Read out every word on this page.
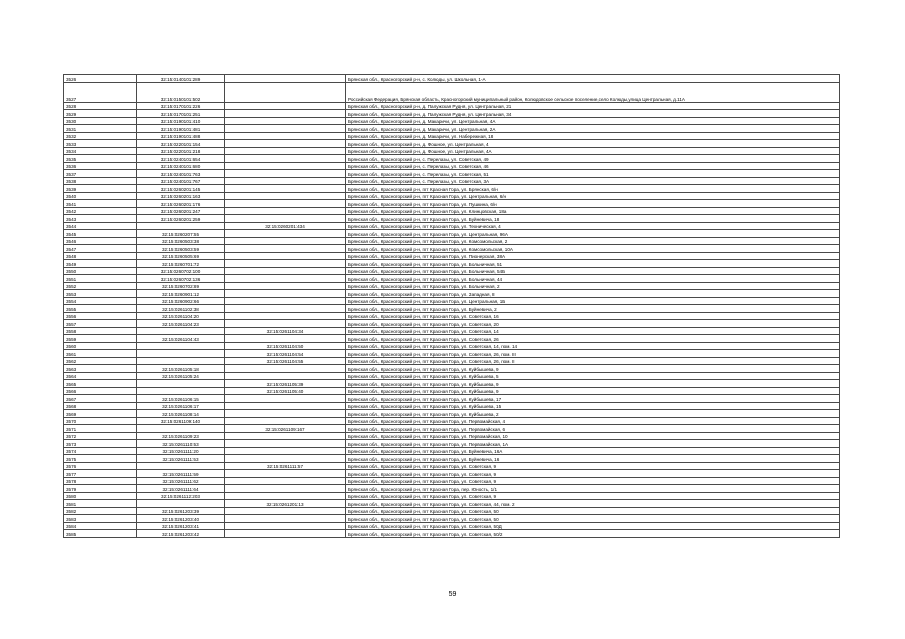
3526	32:15:0140101:289		Брянская обл., Красногорский р-н, с. Колюды, ул. Школьная, 1-А
3527	32:15:0150101:502		Российская Федерация, Брянская область, Красногорский муниципальный район, Колюдовское сельское поселение,село Колюды,улица Центральная, д.11А
3528	32:15:0170101:226		Брянская обл., Красногорский р-н, д. Палужская Рудня, ул. Центральная, 21
3529	32:15:0170101:251		Брянская обл., Красногорский р-н, д. Палужская Рудня, ул. Центральная, 34
3530	32:15:0190101:410		Брянская обл., Красногорский р-н, д. Макаричи, ул. Центральная, 4А
3531	32:15:0190101:481		Брянская обл., Красногорский р-н, д. Макаричи, ул. Центральная, 2А
3532	32:15:0190101:488		Брянская обл., Красногорский р-н, д. Макаричи, ул. Набережная, 18
3533	32:15:0220101:154		Брянская обл., Красногорский р-н, д. Фошное, ул. Центральная, 4
3534	32:15:0220101:218		Брянская обл., Красногорский р-н, д. Фошное, ул. Центральная, 4А
3535	32:15:0240101:654		Брянская обл., Красногорский р-н, с. Перелазы, ул. Советская, 49
3536	32:15:0240101:680		Брянская обл., Красногорский р-н, с. Перелазы, ул. Советская, 46
3537	32:15:0240101:763		Брянская обл., Красногорский р-н, с. Перелазы, ул. Советская, 51
3538	32:15:0240101:767		Брянская обл., Красногорский р-н, с. Перелазы, ул. Советская, 3А
3539	32:15:0260201:145		Брянская обл., Красногорский р-н, пгт Красная Гора, ул. Брянская, 6/н
3540	32:15:0260201:163		Брянская обл., Красногорский р-н, пгт Красная Гора, ул. Центральная, 6/н
3541	32:15:0260201:176		Брянская обл., Красногорский р-н, пгт Красная Гора, ул. Пушкина, 6/н
3542	32:15:0260201:247		Брянская обл., Красногорский р-н, пгт Красная Гора, ул. Клинцовская, 18а
3543	32:15:0260201:259		Брянская обл., Красногорский р-н, пгт Красная Гора, ул. Буйневича, 18
3544		32:15:0260201:434	Брянская обл., Красногорский р-н, пгт Красная Гора, ул. Техническая, 4
3545	32:15:0260207:55		Брянская обл., Красногорский р-н, пгт Красная Гора, ул. Центральная, 96А
3546	32:15:0260503:38		Брянская обл., Красногорский р-н, пгт Красная Гора, ул. Комсомольская, 2
3547	32:15:0260503:59		Брянская обл., Красногорский р-н, пгт Красная Гора, ул. Комсомольская, 10А
3548	32:15:0260505:69		Брянская обл., Красногорский р-н, пгт Красная Гора, ул. Пионерская, 38А
3549	32:15:0260701:72		Брянская обл., Красногорский р-н, пгт Красная Гора, ул. Больничная, 51
3550	32:15:0260702:100		Брянская обл., Красногорский р-н, пгт Красная Гора, ул. Больничная, 54Б
3551	32:15:0260702:136		Брянская обл., Красногорский р-н, пгт Красная Гора, ул. Больничная, 44
3552	32:15:0260702:89		Брянская обл., Красногорский р-н, пгт Красная Гора, ул. Больничная, 2
3553	32:15:0260901:12		Брянская обл., Красногорский р-н, пгт Красная Гора, ул. Западная, 8
3554	32:15:0260902:66		Брянская обл., Красногорский р-н, пгт Красная Гора, ул. Центральная, 1Б
3555	32:15:0261102:38		Брянская обл., Красногорский р-н, пгт Красная Гора, ул. Буйневича, 2
3556	32:15:0261104:20		Брянская обл., Красногорский р-н, пгт Красная Гора, ул. Советская, 16
3557	32:15:0261104:23		Брянская обл., Красногорский р-н, пгт Красная Гора, ул. Советская, 20
3558		32:15:0261104:34	Брянская обл., Красногорский р-н, пгт Красная Гора, ул. Советская, 14
3559	32:15:0261104:43		Брянская обл., Красногорский р-н, пгт Красная Гора, ул. Советская, 26
3560		32:15:0261104:50	Брянская обл., Красногорский р-н, пгт Красная Гора, ул. Советская, 14, пом. 14
3561		32:15:0261104:54	Брянская обл., Красногорский р-н, пгт Красная Гора, ул. Советская, 26, пом. III
3562		32:15:0261104:55	Брянская обл., Красногорский р-н, пгт Красная Гора, ул. Советская, 26, пом. II
3563	32:15:0261105:18		Брянская обл., Красногорский р-н, пгт Красная Гора, ул. Куйбышева, 9
3564	32:15:0261105:24		Брянская обл., Красногорский р-н, пгт Красная Гора, ул. Куйбышева, 5
3565		32:15:0261105:39	Брянская обл., Красногорский р-н, пгт Красная Гора, ул. Куйбышева, 9
3566		32:15:0261105:40	Брянская обл., Красногорский р-н, пгт Красная Гора, ул. Куйбышева, 9
3567	32:15:0261106:15		Брянская обл., Красногорский р-н, пгт Красная Гора, ул. Куйбышева, 17
3568	32:15:0261106:17		Брянская обл., Красногорский р-н, пгт Красная Гора, ул. Куйбышева, 15
3569	32:15:0261108:14		Брянская обл., Красногорский р-н, пгт Красная Гора, ул. Куйбышева, 2
3570	32:15:0261109:140		Брянская обл., Красногорский р-н, пгт Красная Гора, ул. Первомайская, 4
3571		32:15:0261109:167	Брянская обл., Красногорский р-н, пгт Красная Гора, ул. Первомайская, 6
3572	32:15:0261109:23		Брянская обл., Красногорский р-н, пгт Красная Гора, ул. Первомайская, 10
3573	32:15:0261110:53		Брянская обл., Красногорский р-н, пгт Красная Гора, ул. Первомайская, 1А
3574	32:15:0261111:20		Брянская обл., Красногорский р-н, пгт Красная Гора, ул. Буйневича, 16А
3575	32:15:0261111:53		Брянская обл., Красногорский р-н, пгт Красная Гора, ул. Буйневича, 16
3576		32:15:0261111:57	Брянская обл., Красногорский р-н, пгт Красная Гора, ул. Советская, 9
3577	32:15:0261111:59		Брянская обл., Красногорский р-н, пгт Красная Гора, ул. Советская, 9
3578	32:15:0261111:62		Брянская обл., Красногорский р-н, пгт Красная Гора, ул. Советская, 9
3579	32:15:0261111:64		Брянская обл., Красногорский р-н, пгт Красная Гора, пер. Юность, 1/1
3580	32:15:0261112:203		Брянская обл., Красногорский р-н, пгт Красная Гора, ул. Советская, 9
3581		32:15:0261201:13	Брянская обл., Красногорский р-н, пгт Красная Гора, ул. Советская, 44, пом. 2
3582	32:15:0261203:39		Брянская обл., Красногорский р-н, пгт Красная Гора, ул. Советская, 50
3583	32:15:0261203:40		Брянская обл., Красногорский р-н, пгт Красная Гора, ул. Советская, 50
3584	32:15:0261203:41		Брянская обл., Красногорский р-н, пгт Красная Гора, ул. Советская, 50Д
3585	32:15:0261203:42		Брянская обл., Красногорский р-н, пгт Красная Гора, ул. Советская, 50/2
59
